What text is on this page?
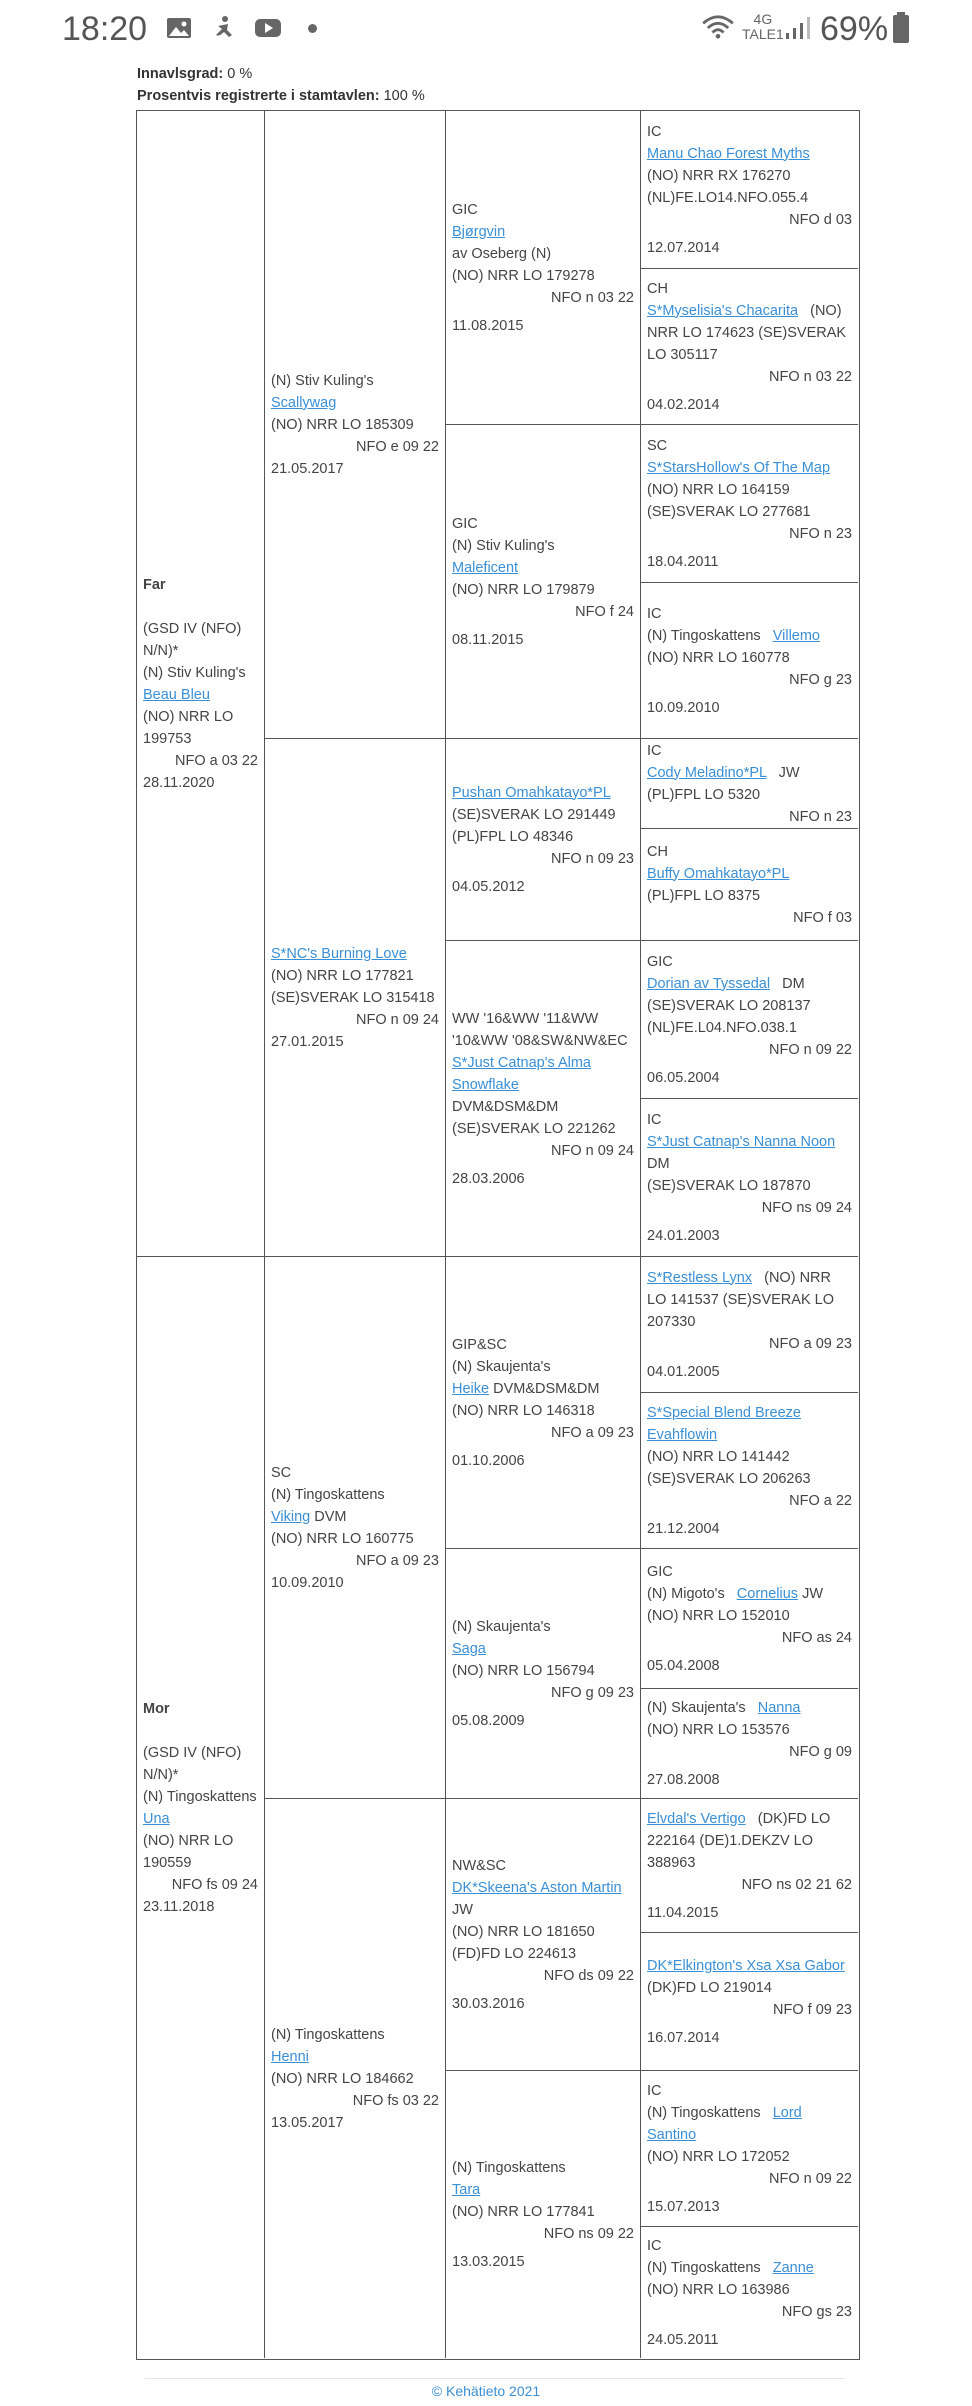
18:20	4G
TALE1 69%
Innavlsgrad: 0 %
Prosentvis registrerte i stamtavlen: 100 %
Far
(GSD IV (NFO) N/N)*
(N) Stiv Kuling's
Beau Bleu
(NO) NRR LO 199753
NFO a 03 22
28.11.2020
Mor
(GSD IV (NFO) N/N)*
(N) Tingoskattens
Una
(NO) NRR LO 190559
NFO fs 09 24
23.11.2018
(N) Stiv Kuling's
Scallywag
(NO) NRR LO 185309
NFO e 09 22
21.05.2017
S*NC's Burning Love
(NO) NRR LO 177821
(SE)SVERAK LO 315418
NFO n 09 24
27.01.2015
SC
(N) Tingoskattens
Viking DVM
(NO) NRR LO 160775
NFO a 09 23
10.09.2010
(N) Tingoskattens
Henni
(NO) NRR LO 184662
NFO fs 03 22
13.05.2017
GIC
Bjørgvin
av Oseberg (N)
(NO) NRR LO 179278
NFO n 03 22
11.08.2015
GIC
(N) Stiv Kuling's
Maleficent
(NO) NRR LO 179879
NFO f 24
08.11.2015
Pushan Omahkatayo*PL
(SE)SVERAK LO 291449
(PL)FPL LO 48346
NFO n 09 23
04.05.2012
WW '16&WW '11&WW '10&WW '08&SW&NW&EC
S*Just Catnap's Alma Snowflake
DVM&DSM&DM
(SE)SVERAK LO 221262
NFO n 09 24
28.03.2006
GIP&SC
(N) Skaujenta's
Heike DVM&DSM&DM
(NO) NRR LO 146318
NFO a 09 23
01.10.2006
(N) Skaujenta's
Saga
(NO) NRR LO 156794
NFO g 09 23
05.08.2009
NW&SC
DK*Skeena's Aston Martin
JW
(NO) NRR LO 181650
(FD)FD LO 224613
NFO ds 09 22
30.03.2016
(N) Tingoskattens
Tara
(NO) NRR LO 177841
NFO ns 09 22
13.03.2015
IC
Manu Chao Forest Myths
(NO) NRR RX 176270
(NL)FE.LO14.NFO.055.4
NFO d 03
12.07.2014
CH
S*Myselisia's Chacarita   (NO) NRR LO 174623 (SE)SVERAK LO 305117
NFO n 03 22
04.02.2014
SC
S*StarsHollow's Of The Map
(NO) NRR LO 164159
(SE)SVERAK LO 277681
NFO n 23
18.04.2011
IC
(N) Tingoskattens   Villemo
(NO) NRR LO 160778
NFO g 23
10.09.2010
IC
Cody Meladino*PL   JW
(PL)FPL LO 5320
NFO n 23
CH
Buffy Omahkatayo*PL
(PL)FPL LO 8375
NFO f 03
GIC
Dorian av Tyssedal   DM
(SE)SVERAK LO 208137
(NL)FE.L04.NFO.038.1
NFO n 09 22
06.05.2004
IC
S*Just Catnap's Nanna Noon
DM
(SE)SVERAK LO 187870
NFO ns 09 24
24.01.2003
S*Restless Lynx   (NO) NRR LO 141537 (SE)SVERAK LO 207330
NFO a 09 23
04.01.2005
S*Special Blend Breeze Evahflowin
(NO) NRR LO 141442
(SE)SVERAK LO 206263
NFO a 22
21.12.2004
GIC
(N) Migoto's   Cornelius JW
(NO) NRR LO 152010
NFO as 24
05.04.2008
(N) Skaujenta's   Nanna
(NO) NRR LO 153576
NFO g 09
27.08.2008
Elvdal's Vertigo   (DK)FD LO 222164 (DE)1.DEKZV LO 388963
NFO ns 02 21 62
11.04.2015
DK*Elkington's Xsa Xsa Gabor
(DK)FD LO 219014
NFO f 09 23
16.07.2014
IC
(N) Tingoskattens   Lord Santino
(NO) NRR LO 172052
NFO n 09 22
15.07.2013
IC
(N) Tingoskattens   Zanne
(NO) NRR LO 163986
NFO gs 23
24.05.2011
© Kehätieto 2021
